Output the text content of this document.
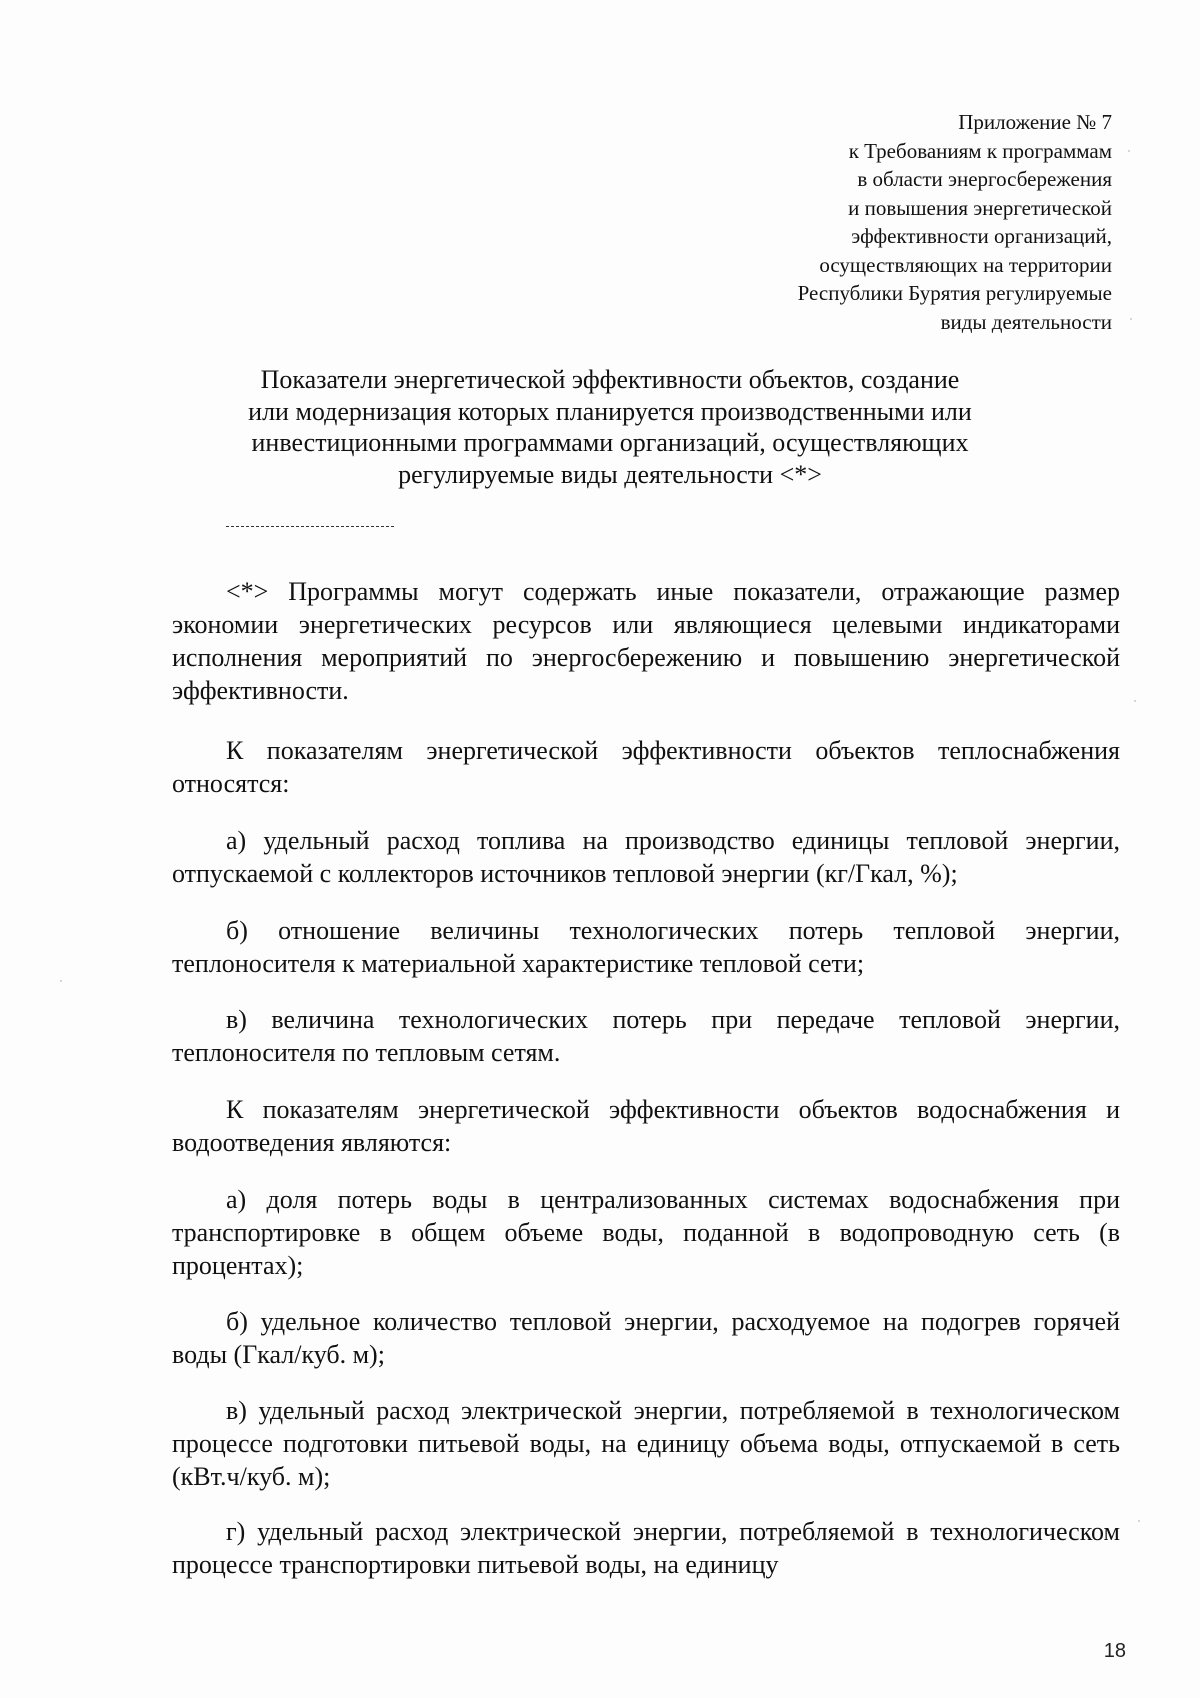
Приложение № 7
к Требованиям к программам
в области энергосбережения
и повышения энергетической
эффективности организаций,
осуществляющих на территории
Республики Бурятия регулируемые
виды деятельности
Показатели энергетической эффективности объектов, создание
или модернизация которых планируется производственными или
инвестиционными программами организаций, осуществляющих
регулируемые виды деятельности <*>

<*> Программы могут содержать иные показатели, отражающие размер экономии энергетических ресурсов или являющиеся целевыми индикаторами исполнения мероприятий по энергосбережению и повышению энергетической эффективности.

К показателям энергетической эффективности объектов теплоснабжения относятся:

а) удельный расход топлива на производство единицы тепловой энергии, отпускаемой с коллекторов источников тепловой энергии (кг/Гкал, %);

б) отношение величины технологических потерь тепловой энергии, теплоносителя к материальной характеристике тепловой сети;

в) величина технологических потерь при передаче тепловой энергии, теплоносителя по тепловым сетям.

К показателям энергетической эффективности объектов водоснабжения и водоотведения являются:

а) доля потерь воды в централизованных системах водоснабжения при транспортировке в общем объеме воды, поданной в водопроводную сеть (в процентах);

б) удельное количество тепловой энергии, расходуемое на подогрев горячей воды (Гкал/куб. м);

в) удельный расход электрической энергии, потребляемой в технологическом процессе подготовки питьевой воды, на единицу объема воды, отпускаемой в сеть (кВт.ч/куб. м);

г) удельный расход электрической энергии, потребляемой в технологическом процессе транспортировки питьевой воды, на единицу

18
